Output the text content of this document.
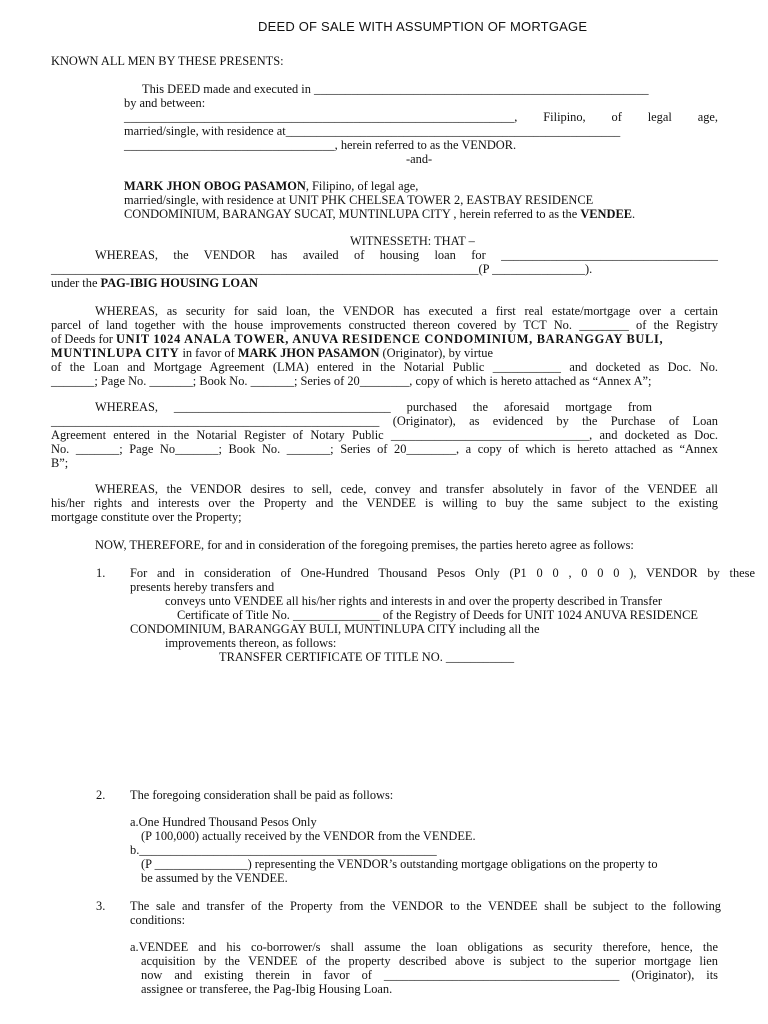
DEED OF SALE WITH ASSUMPTION OF MORTGAGE
KNOWN ALL MEN BY THESE PRESENTS:
This DEED made and executed in ______________________________________________________
by and between:
_______________________________________________________________, Filipino, of legal age,
married/single, with residence at______________________________________________________
__________________________________, herein referred to as the VENDOR.
-and-
MARK JHON OBOG PASAMON, Filipino, of legal age,
married/single, with residence at UNIT PHK CHELSEA TOWER 2, EASTBAY RESIDENCE
CONDOMINIUM, BARANGAY SUCAT, MUNTINLUPA CITY , herein referred to as the VENDEE.
WITNESSETH: THAT –
WHEREAS, the VENDOR has availed of housing loan for ___________________________________
_____________________________________________________________________(P _______________).
under the PAG-IBIG HOUSING LOAN
WHEREAS, as security for said loan, the VENDOR has executed a first real estate/mortgage over a certain
parcel of land together with the house improvements constructed thereon covered by TCT No. ________ of the Registry
of Deeds for UNIT 1024 ANALA TOWER, ANUVA RESIDENCE CONDOMINIUM, BARANGGAY BULI,
MUNTINLUPA CITY in favor of MARK JHON PASAMON (Originator), by virtue
of the Loan and Mortgage Agreement (LMA) entered in the Notarial Public ___________ and docketed as Doc. No.
_______; Page No. _______; Book No. _______; Series of 20________, copy of which is hereto attached as “Annex A”;
WHEREAS, ___________________________________ purchased the aforesaid mortgage from
_____________________________________________________ (Originator), as evidenced by the Purchase of Loan
Agreement entered in the Notarial Register of Notary Public ________________________________, and docketed as Doc.
No. _______; Page No_______; Book No. _______; Series of 20________, a copy of which is hereto attached as “Annex
B”;
WHEREAS, the VENDOR desires to sell, cede, convey and transfer absolutely in favor of the VENDEE all
his/her rights and interests over the Property and the VENDEE is willing to buy the same subject to the existing
mortgage constitute over the Property;
NOW, THEREFORE, for and in consideration of the foregoing premises, the parties hereto agree as follows:
1. For and in consideration of One-Hundred Thousand Pesos Only (P1 0 0 , 0 0 0 ), VENDOR by these
presents hereby transfers and
conveys unto VENDEE all his/her rights and interests in and over the property described in Transfer
Certificate of Title No. ______________ of the Registry of Deeds for UNIT 1024 ANUVA RESIDENCE
CONDOMINIUM, BARANGGAY BULI, MUNTINLUPA CITY including all the
improvements thereon, as follows:
TRANSFER CERTIFICATE OF TITLE NO. ___________
2. The foregoing consideration shall be paid as follows:
a.One Hundred Thousand Pesos Only
(P 100,000) actually received by the VENDOR from the VENDEE.
b.________________________________________________
(P _______________) representing the VENDOR’s outstanding mortgage obligations on the property to
be assumed by the VENDEE.
3. The sale and transfer of the Property from the VENDOR to the VENDEE shall be subject to the following
conditions:
a.VENDEE and his co-borrower/s shall assume the loan obligations as security therefore, hence, the
acquisition by the VENDEE of the property described above is subject to the superior mortgage lien
now and existing therein in favor of ______________________________________ (Originator), its
assignee or transferee, the Pag-Ibig Housing Loan.
